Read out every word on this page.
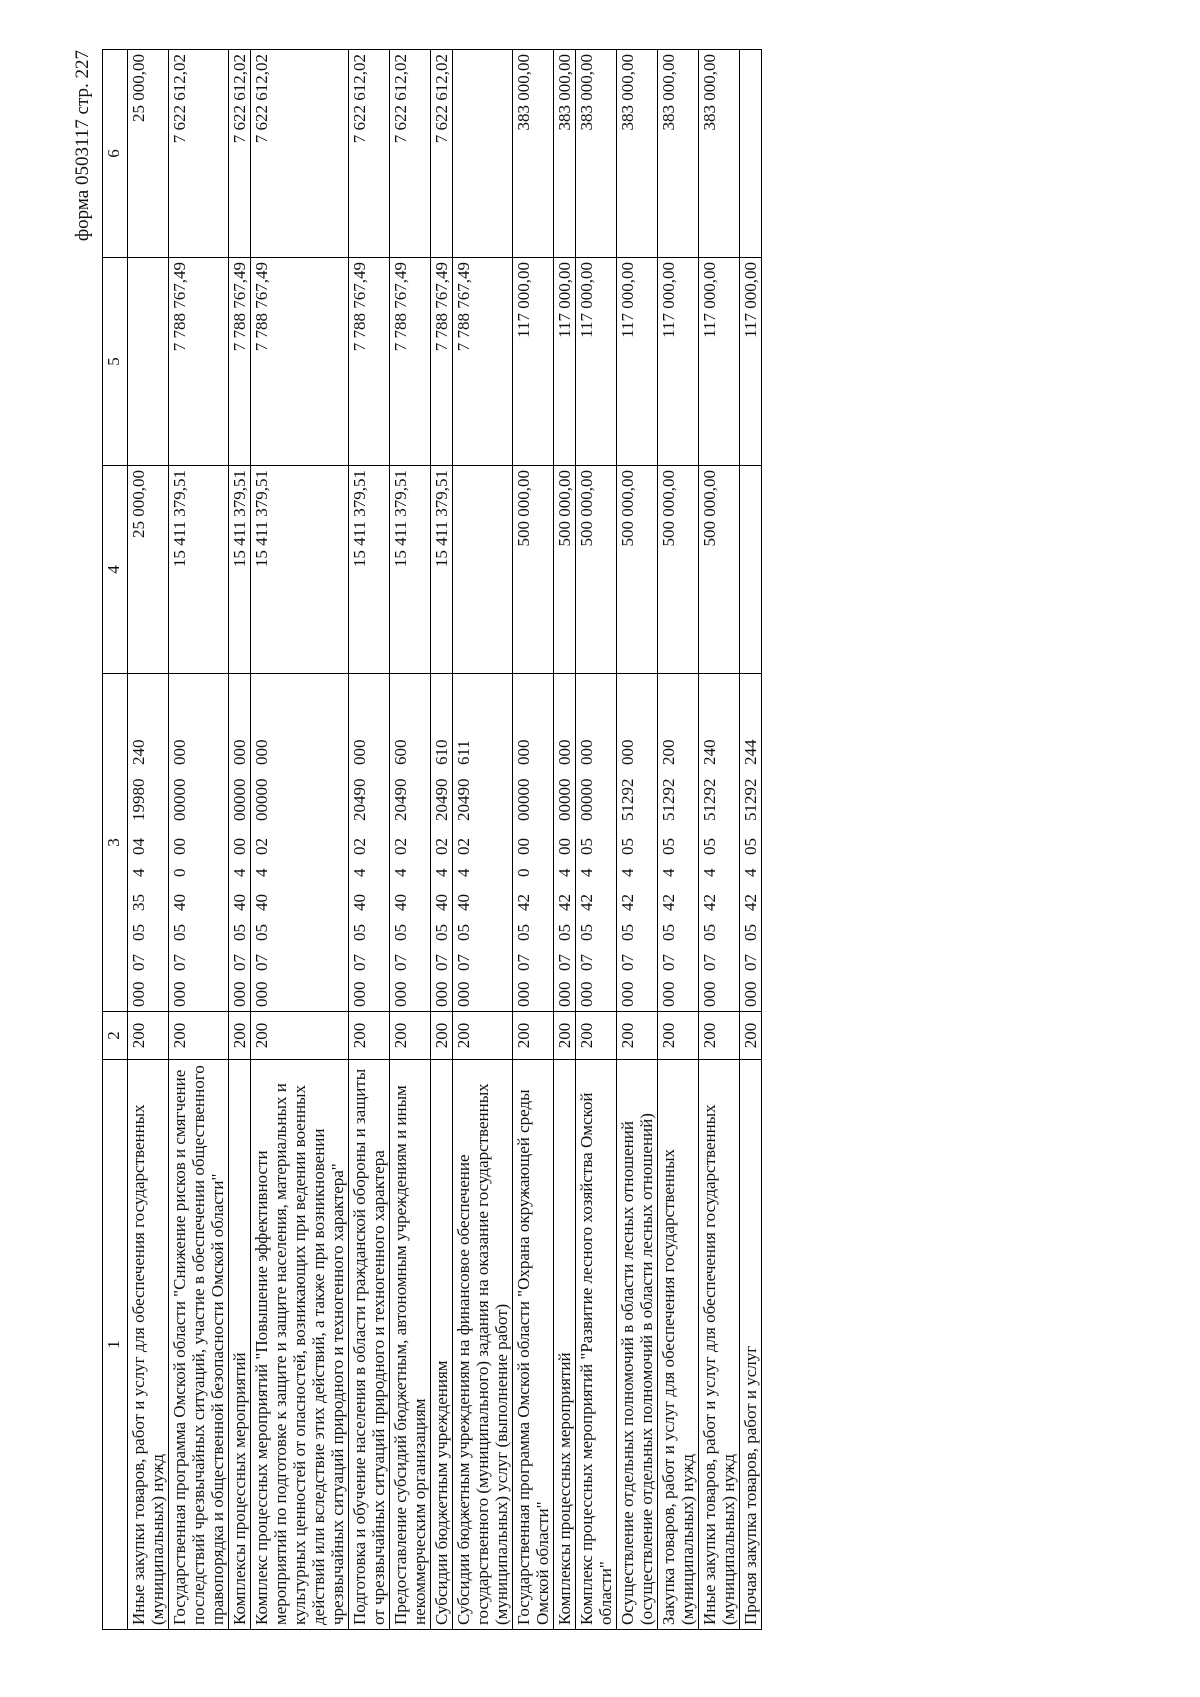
форма 0503117 стр. 227
1	2	3	4	5	6
Иные закупки товаров, работ и услуг для обеспечения государственных (муниципальных) нужд	200	00007053540419980240	25 000,00		25 000,00
Государственная программа Омской области "Снижение рисков и смягчение последствий чрезвычайных ситуаций, участие в обеспечении общественного правопорядка и общественной безопасности Омской области"	200	00007054000000000000	15 411 379,51	7 788 767,49	7 622 612,02
Комплексы процессных мероприятий	200	00007054040000000000	15 411 379,51	7 788 767,49	7 622 612,02
Комплекс процессных мероприятий "Повышение эффективности мероприятий по подготовке к защите и защите населения, материальных и культурных ценностей от опасностей, возникающих при ведении военных действий или вследствие этих действий, а также при возникновении чрезвычайных ситуаций природного и техногенного характера"	200	00007054040200000000	15 411 379,51	7 788 767,49	7 622 612,02
Подготовка и обучение населения в области гражданской обороны и защиты от чрезвычайных ситуаций природного и техногенного характера	200	00007054040220490000	15 411 379,51	7 788 767,49	7 622 612,02
Предоставление субсидий бюджетным, автономным учреждениям и иным некоммерческим организациям	200	00007054040220490600	15 411 379,51	7 788 767,49	7 622 612,02
Субсидии бюджетным учреждениям	200	00007054040220490610	15 411 379,51	7 788 767,49	7 622 612,02
Субсидии бюджетным учреждениям на финансовое обеспечение государственного (муниципального) задания на оказание государственных (муниципальных) услуг (выполнение работ)	200	00007054040220490611		7 788 767,49	
Государственная программа Омской области "Охрана окружающей среды Омской области"	200	00007054200000000000	500 000,00	117 000,00	383 000,00
Комплексы процессных мероприятий	200	00007054240000000000	500 000,00	117 000,00	383 000,00
Комплекс процессных мероприятий "Развитие лесного хозяйства Омской области"	200	00007054240500000000	500 000,00	117 000,00	383 000,00
Осуществление отдельных полномочий в области лесных отношений (осуществление отдельных полномочий в области лесных отношений)	200	00007054240551292000	500 000,00	117 000,00	383 000,00
Закупка товаров, работ и услуг для обеспечения государственных (муниципальных) нужд	200	00007054240551292200	500 000,00	117 000,00	383 000,00
Иные закупки товаров, работ и услуг для обеспечения государственных (муниципальных) нужд	200	00007054240551292240	500 000,00	117 000,00	383 000,00
Прочая закупка товаров, работ и услуг	200	00007054240551292244		117 000,00	
